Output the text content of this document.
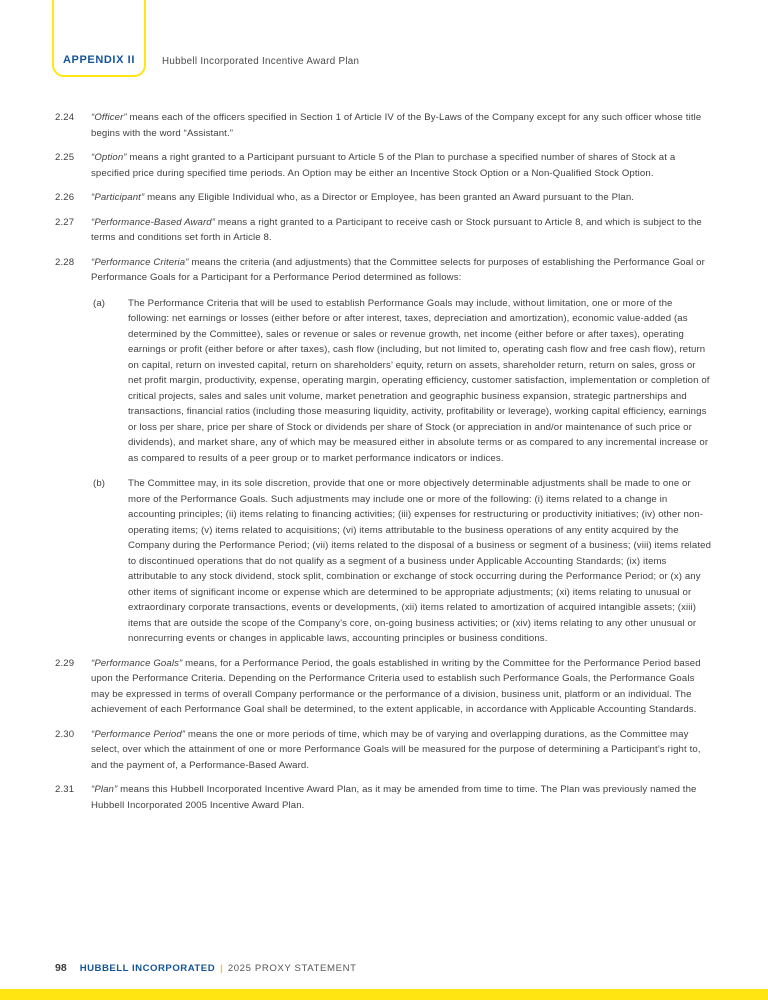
APPENDIX II	Hubbell Incorporated Incentive Award Plan
2.24	“Officer” means each of the officers specified in Section 1 of Article IV of the By-Laws of the Company except for any such officer whose title begins with the word “Assistant.”
2.25	“Option” means a right granted to a Participant pursuant to Article 5 of the Plan to purchase a specified number of shares of Stock at a specified price during specified time periods. An Option may be either an Incentive Stock Option or a Non-Qualified Stock Option.
2.26	“Participant” means any Eligible Individual who, as a Director or Employee, has been granted an Award pursuant to the Plan.
2.27	“Performance-Based Award” means a right granted to a Participant to receive cash or Stock pursuant to Article 8, and which is subject to the terms and conditions set forth in Article 8.
2.28	“Performance Criteria” means the criteria (and adjustments) that the Committee selects for purposes of establishing the Performance Goal or Performance Goals for a Participant for a Performance Period determined as follows:
(a)	The Performance Criteria that will be used to establish Performance Goals may include, without limitation, one or more of the following: net earnings or losses (either before or after interest, taxes, depreciation and amortization), economic value-added (as determined by the Committee), sales or revenue or sales or revenue growth, net income (either before or after taxes), operating earnings or profit (either before or after taxes), cash flow (including, but not limited to, operating cash flow and free cash flow), return on capital, return on invested capital, return on shareholders’ equity, return on assets, shareholder return, return on sales, gross or net profit margin, productivity, expense, operating margin, operating efficiency, customer satisfaction, implementation or completion of critical projects, sales and sales unit volume, market penetration and geographic business expansion, strategic partnerships and transactions, financial ratios (including those measuring liquidity, activity, profitability or leverage), working capital efficiency, earnings or loss per share, price per share of Stock or dividends per share of Stock (or appreciation in and/or maintenance of such price or dividends), and market share, any of which may be measured either in absolute terms or as compared to any incremental increase or as compared to results of a peer group or to market performance indicators or indices.
(b)	The Committee may, in its sole discretion, provide that one or more objectively determinable adjustments shall be made to one or more of the Performance Goals. Such adjustments may include one or more of the following: (i) items related to a change in accounting principles; (ii) items relating to financing activities; (iii) expenses for restructuring or productivity initiatives; (iv) other non-operating items; (v) items related to acquisitions; (vi) items attributable to the business operations of any entity acquired by the Company during the Performance Period; (vii) items related to the disposal of a business or segment of a business; (viii) items related to discontinued operations that do not qualify as a segment of a business under Applicable Accounting Standards; (ix) items attributable to any stock dividend, stock split, combination or exchange of stock occurring during the Performance Period; or (x) any other items of significant income or expense which are determined to be appropriate adjustments; (xi) items relating to unusual or extraordinary corporate transactions, events or developments, (xii) items related to amortization of acquired intangible assets; (xiii) items that are outside the scope of the Company’s core, on-going business activities; or (xiv) items relating to any other unusual or nonrecurring events or changes in applicable laws, accounting principles or business conditions.
2.29	“Performance Goals” means, for a Performance Period, the goals established in writing by the Committee for the Performance Period based upon the Performance Criteria. Depending on the Performance Criteria used to establish such Performance Goals, the Performance Goals may be expressed in terms of overall Company performance or the performance of a division, business unit, platform or an individual. The achievement of each Performance Goal shall be determined, to the extent applicable, in accordance with Applicable Accounting Standards.
2.30	“Performance Period” means the one or more periods of time, which may be of varying and overlapping durations, as the Committee may select, over which the attainment of one or more Performance Goals will be measured for the purpose of determining a Participant’s right to, and the payment of, a Performance-Based Award.
2.31	“Plan” means this Hubbell Incorporated Incentive Award Plan, as it may be amended from time to time. The Plan was previously named the Hubbell Incorporated 2005 Incentive Award Plan.
98 HUBBELL INCORPORATED | 2025 PROXY STATEMENT
